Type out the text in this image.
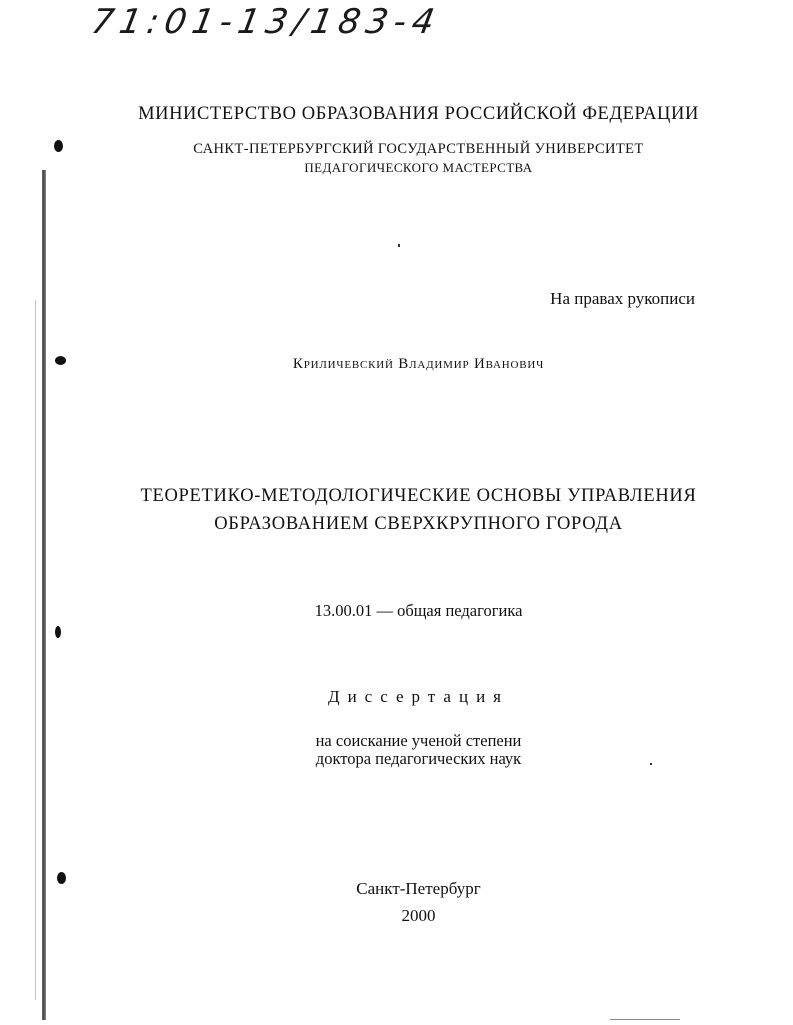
71:01-13/183-4
МИНИСТЕРСТВО ОБРАЗОВАНИЯ РОССИЙСКОЙ ФЕДЕРАЦИИ
САНКТ-ПЕТЕРБУРГСКИЙ ГОСУДАРСТВЕННЫЙ УНИВЕРСИТЕТ
ПЕДАГОГИЧЕСКОГО МАСТЕРСТВА
На правах рукописи
Криличевский Владимир Иванович
ТЕОРЕТИКО-МЕТОДОЛОГИЧЕСКИЕ ОСНОВЫ УПРАВЛЕНИЯ
ОБРАЗОВАНИЕМ СВЕРХКРУПНОГО ГОРОДА
13.00.01 — общая педагогика
Диссертация
на соискание ученой степени
доктора педагогических наук
Санкт-Петербург
2000
